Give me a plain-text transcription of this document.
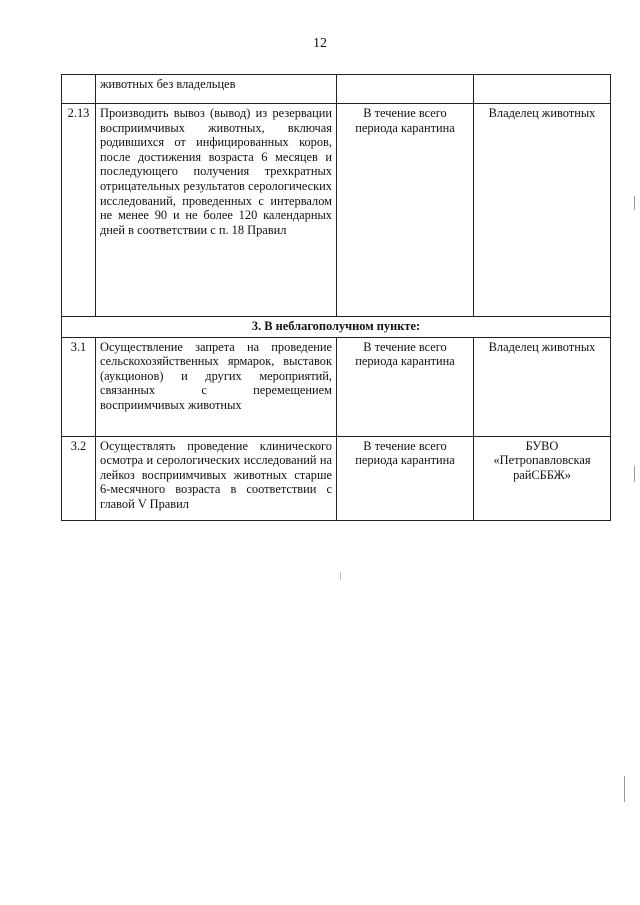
12
	животных без владельцев		
2.13	Производить вывоз (вывод) из резервации восприимчивых животных, включая родившихся от инфицированных коров, после достижения возраста 6 месяцев и последующего получения трехкратных отрицательных результатов серологических исследований, проведенных с интервалом не менее 90 и не более 120 календарных дней в соответствии с п. 18 Правил	В течение всего периода карантина	Владелец животных
3. В неблагополучном пункте:			
3.1	Осуществление запрета на проведение сельскохозяйственных ярмарок, выставок (аукционов) и других мероприятий, связанных с перемещением восприимчивых животных	В течение всего периода карантина	Владелец животных
3.2	Осуществлять проведение клинического осмотра и серологических исследований на лейкоз восприимчивых животных старше 6-месячного возраста в соответствии с главой V Правил	В течение всего периода карантина	БУВО «Петропавловская райСББЖ»
